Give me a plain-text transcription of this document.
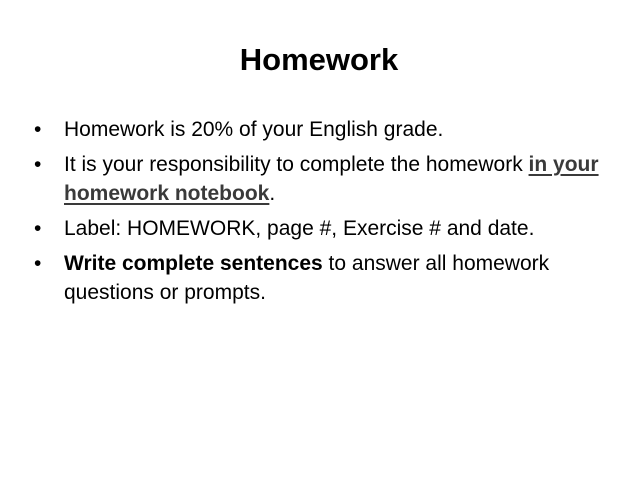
Homework
•	Homework is 20% of your English grade.
•	It is your responsibility to complete the homework in your homework notebook.
•	Label: HOMEWORK, page #, Exercise # and date.
•	Write complete sentences to answer all homework questions or prompts.
